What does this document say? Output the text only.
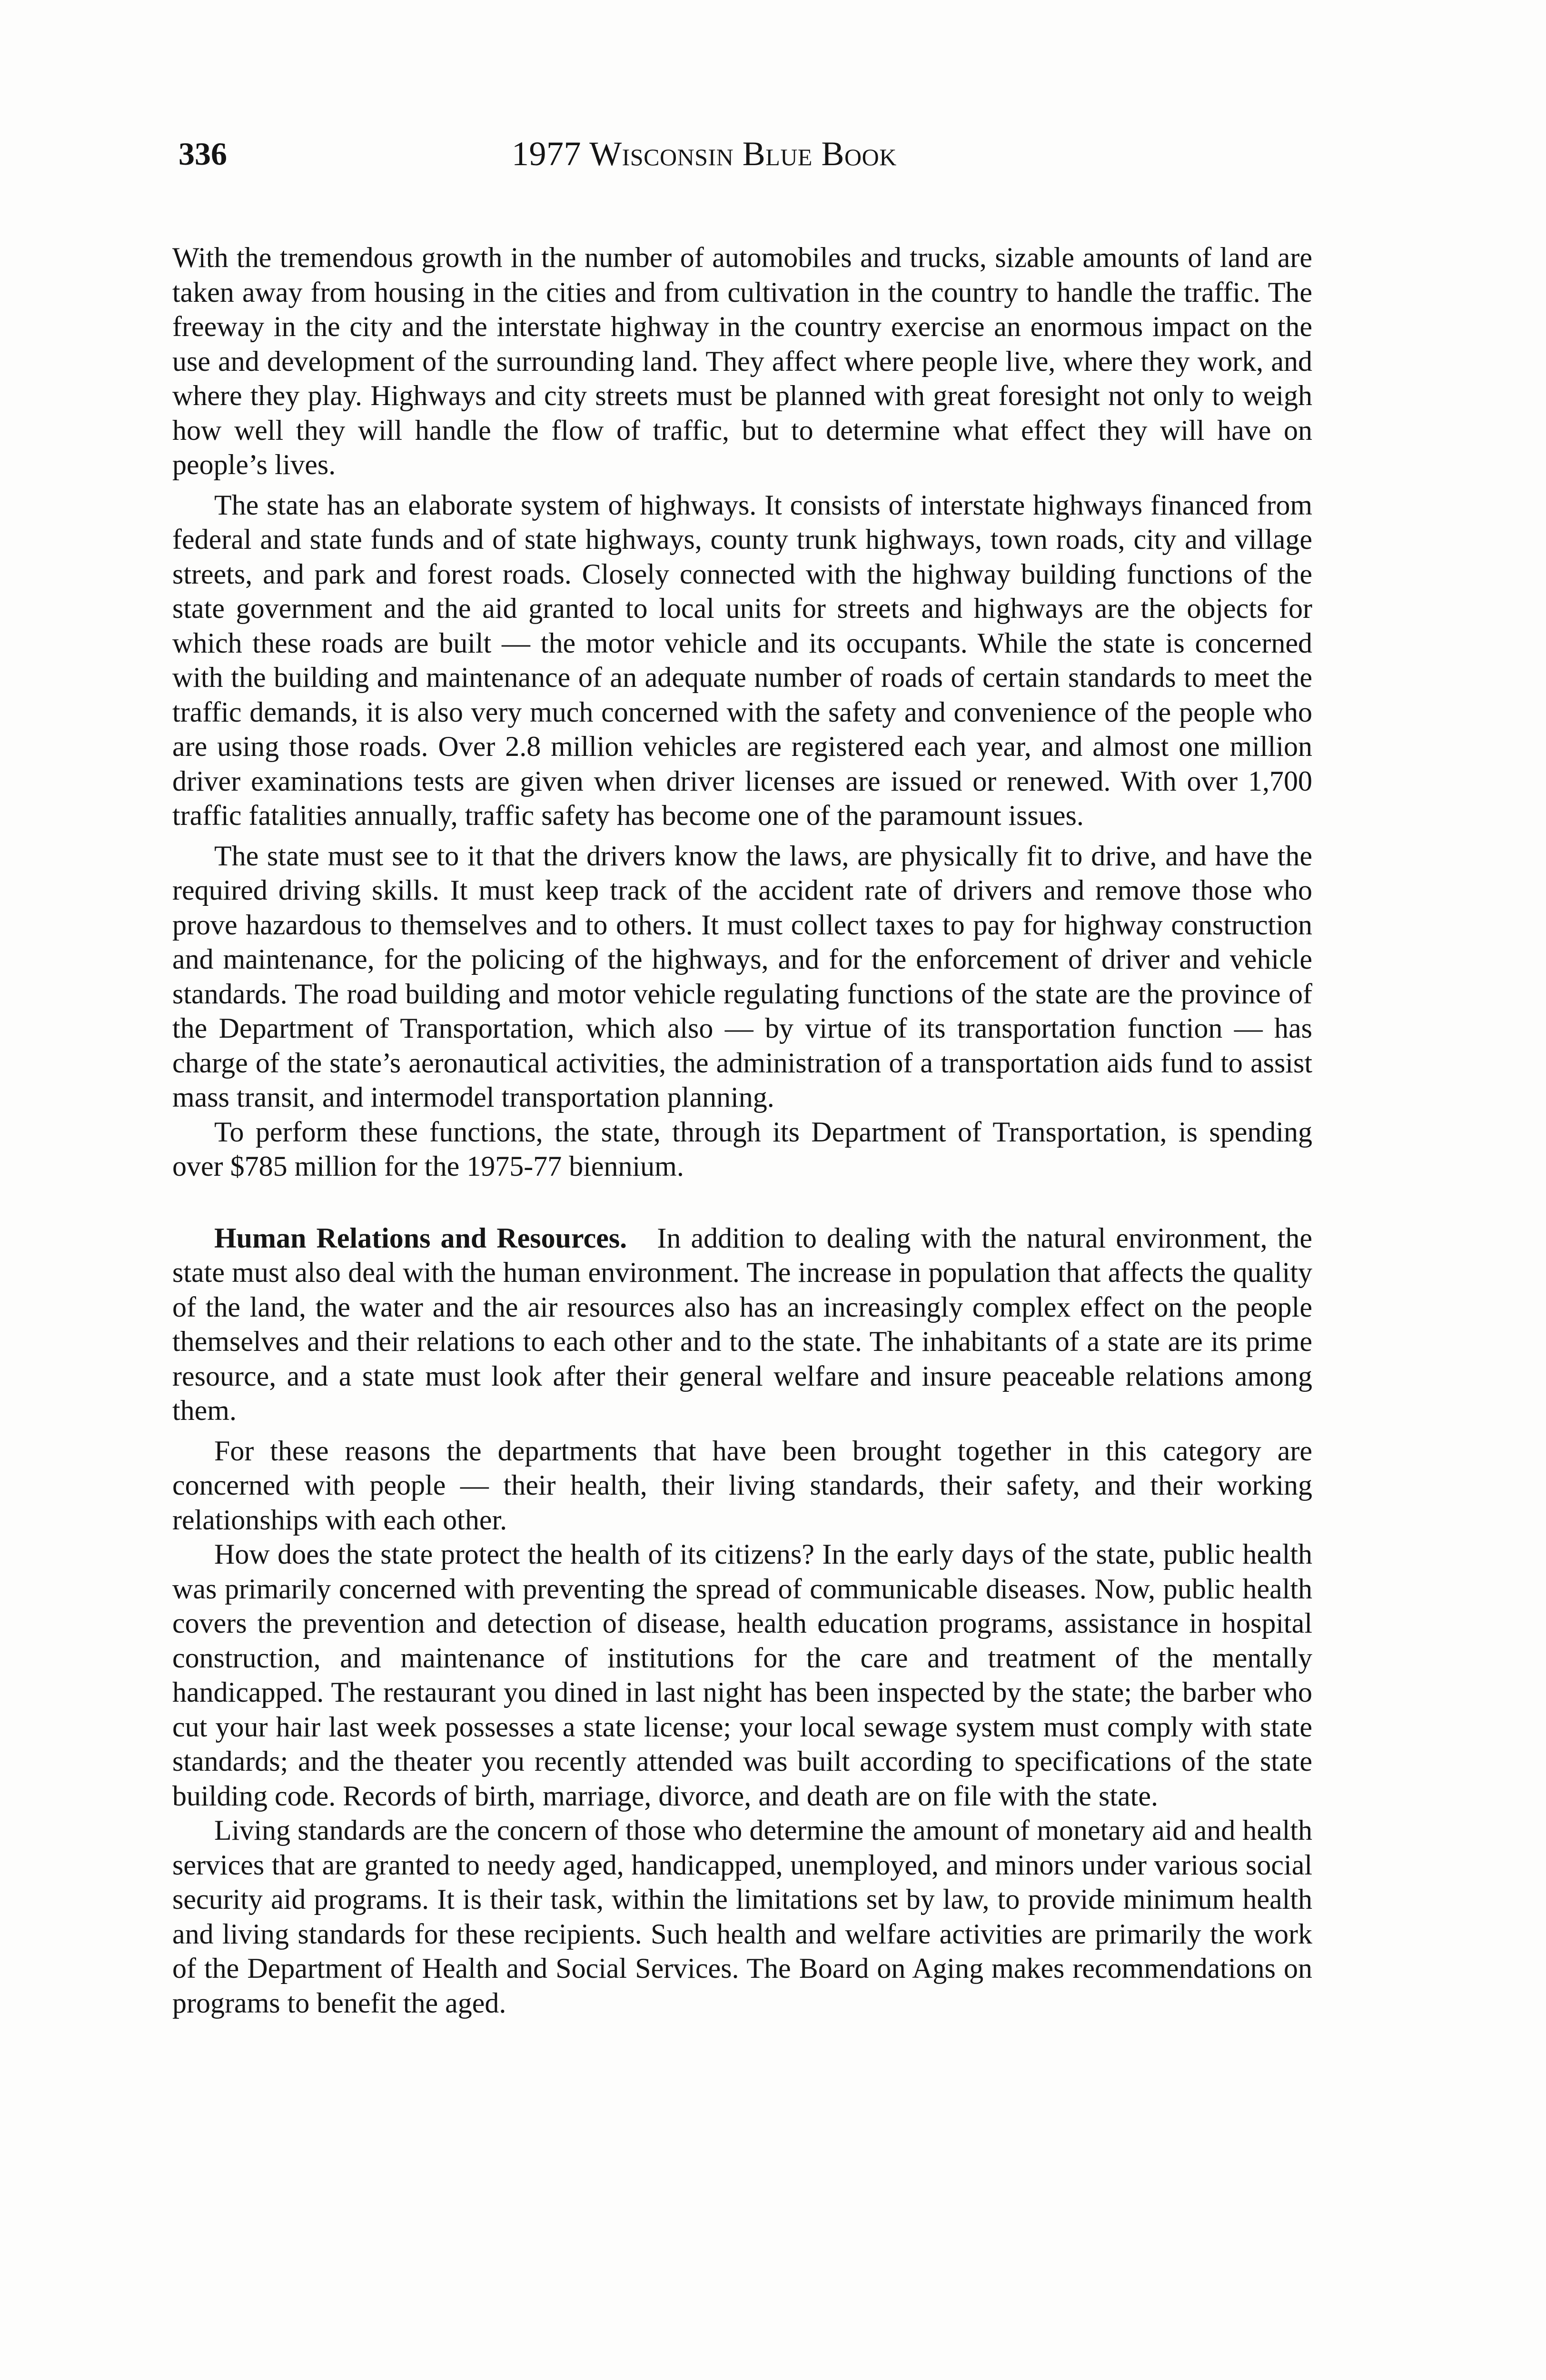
336	1977 Wisconsin Blue Book

With the tremendous growth in the number of automobiles and trucks, sizable amounts of land are taken away from housing in the cities and from cultivation in the country to handle the traffic. The freeway in the city and the interstate highway in the country exercise an enormous impact on the use and development of the surrounding land. They affect where people live, where they work, and where they play. Highways and city streets must be planned with great foresight not only to weigh how well they will handle the flow of traffic, but to determine what effect they will have on people’s lives.

The state has an elaborate system of highways. It consists of interstate highways financed from federal and state funds and of state highways, county trunk highways, town roads, city and village streets, and park and forest roads. Closely connected with the highway building functions of the state government and the aid granted to local units for streets and highways are the objects for which these roads are built — the motor vehicle and its occupants. While the state is concerned with the building and maintenance of an adequate number of roads of certain standards to meet the traffic demands, it is also very much concerned with the safety and convenience of the people who are using those roads. Over 2.8 million vehicles are registered each year, and almost one million driver examinations tests are given when driver licenses are issued or renewed. With over 1,700 traffic fatalities annually, traffic safety has become one of the paramount issues.

The state must see to it that the drivers know the laws, are physically fit to drive, and have the required driving skills. It must keep track of the accident rate of drivers and remove those who prove hazardous to themselves and to others. It must collect taxes to pay for highway construction and maintenance, for the policing of the highways, and for the enforcement of driver and vehicle standards. The road building and motor vehicle regulating functions of the state are the province of the Department of Transportation, which also — by virtue of its transportation function — has charge of the state’s aeronautical activities, the administration of a transportation aids fund to assist mass transit, and intermodel transportation planning.

To perform these functions, the state, through its Department of Transportation, is spending over $785 million for the 1975-77 biennium.

Human Relations and Resources. In addition to dealing with the natural environment, the state must also deal with the human environment. The increase in population that affects the quality of the land, the water and the air resources also has an increasingly complex effect on the people themselves and their relations to each other and to the state. The inhabitants of a state are its prime resource, and a state must look after their general welfare and insure peaceable relations among them.

For these reasons the departments that have been brought together in this category are concerned with people — their health, their living standards, their safety, and their working relationships with each other.

How does the state protect the health of its citizens? In the early days of the state, public health was primarily concerned with preventing the spread of communicable diseases. Now, public health covers the prevention and detection of disease, health education programs, assistance in hospital construction, and maintenance of institutions for the care and treatment of the mentally handicapped. The restaurant you dined in last night has been inspected by the state; the barber who cut your hair last week possesses a state license; your local sewage system must comply with state standards; and the theater you recently attended was built according to specifications of the state building code. Records of birth, marriage, divorce, and death are on file with the state.

Living standards are the concern of those who determine the amount of monetary aid and health services that are granted to needy aged, handicapped, unemployed, and minors under various social security aid programs. It is their task, within the limitations set by law, to provide minimum health and living standards for these recipients. Such health and welfare activities are primarily the work of the Department of Health and Social Services. The Board on Aging makes recommendations on programs to benefit the aged.
